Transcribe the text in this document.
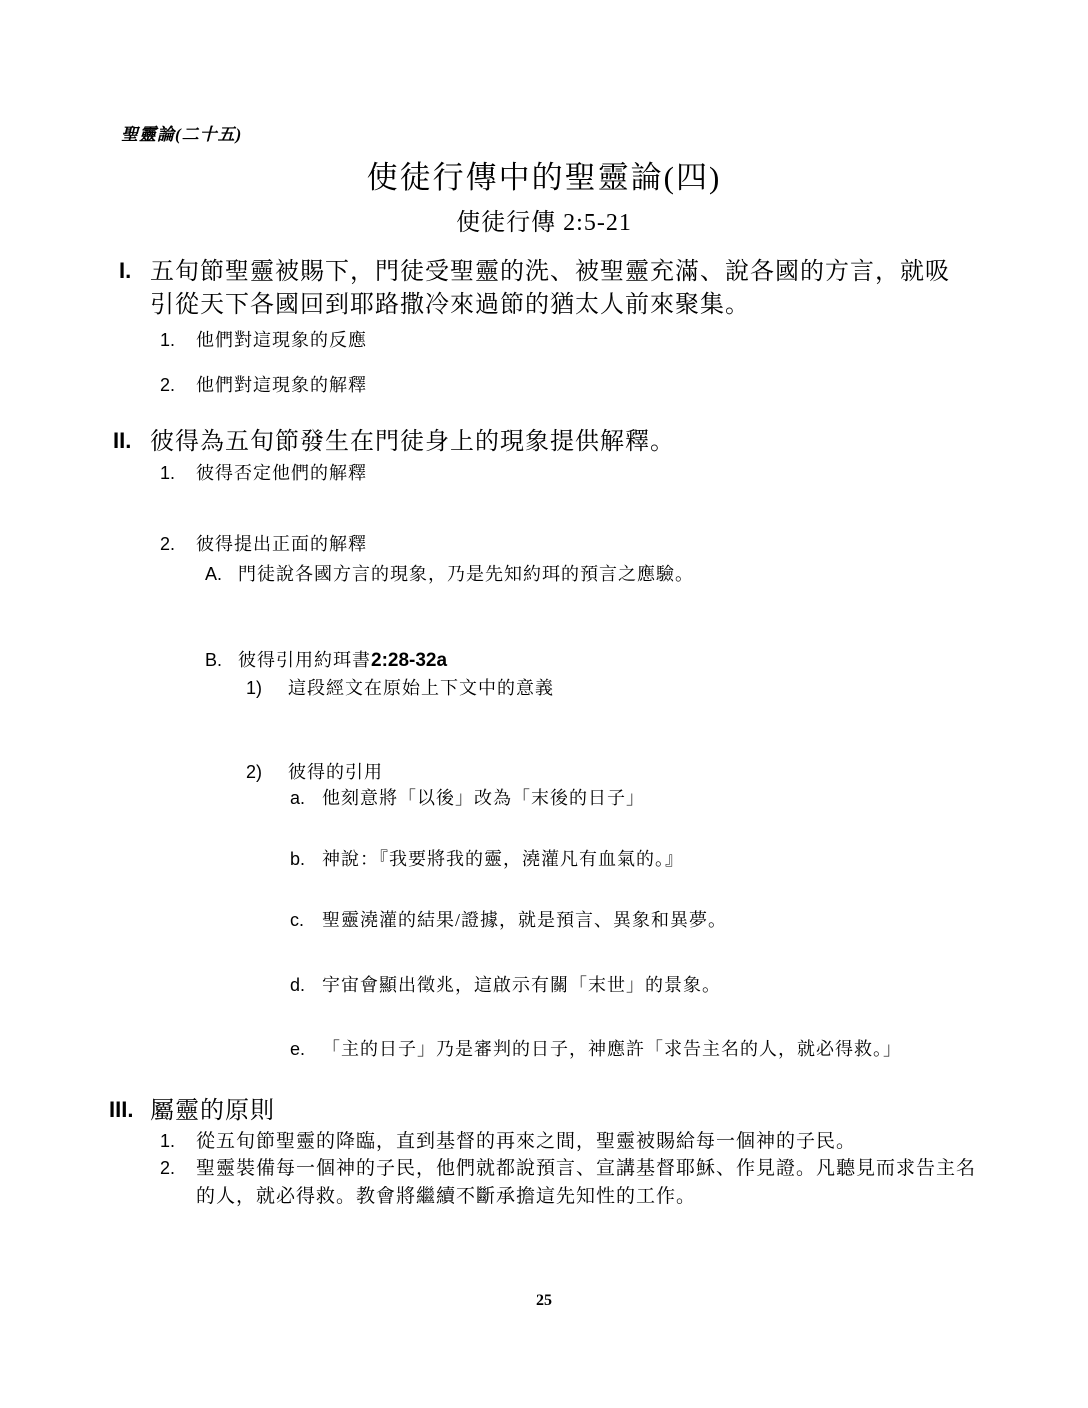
聖靈論(二十五)
使徒行傳中的聖靈論(四)
使徒行傳 2:5-21
I. 五旬節聖靈被賜下，門徒受聖靈的洗、被聖靈充滿、說各國的方言，就吸引從天下各國回到耶路撒冷來過節的猶太人前來聚集。
1.	他們對這現象的反應
2.	他們對這現象的解釋
II. 彼得為五旬節發生在門徒身上的現象提供解釋。
1.	彼得否定他們的解釋
2.	彼得提出正面的解釋
A. 門徒說各國方言的現象，乃是先知約珥的預言之應驗。
B. 彼得引用約珥書 2:28-32a
1)	這段經文在原始上下文中的意義
2)	彼得的引用
a. 他刻意將「以後」改為「末後的日子」
b. 神說：『我要將我的靈，澆灌凡有血氣的。』
c. 聖靈澆灌的結果/證據，就是預言、異象和異夢。
d. 宇宙會顯出徵兆，這啟示有關「末世」的景象。
e. 「主的日子」乃是審判的日子，神應許「求告主名的人，就必得救。」
III. 屬靈的原則
1.	從五旬節聖靈的降臨，直到基督的再來之間，聖靈被賜給每一個神的子民。
2.	聖靈裝備每一個神的子民，他們就都說預言、宣講基督耶穌、作見證。凡聽見而求告主名的人，就必得救。教會將繼續不斷承擔這先知性的工作。
25
